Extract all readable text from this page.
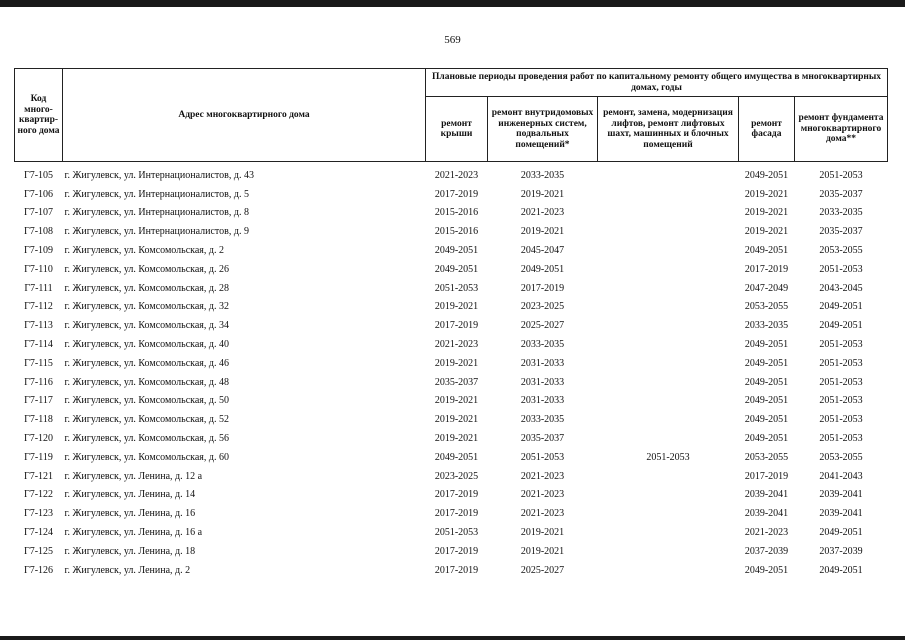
569
Код много-квартир-ного дома	Адрес многоквартирного дома	Плановые периоды проведения работ по капитальному ремонту общего имущества в многоквартирных домах, годы				
		ремонт крыши	ремонт внутридомовых инженерных систем, подвальных помещений*	ремонт, замена, модернизация лифтов, ремонт лифтовых шахт, машинных и блочных помещений	ремонт фасада	ремонт фундамента многоквартирного дома**
Г7-105	г. Жигулевск, ул. Интернационалистов, д. 43	2021-2023	2033-2035		2049-2051	2051-2053
Г7-106	г. Жигулевск, ул. Интернационалистов, д. 5	2017-2019	2019-2021		2019-2021	2035-2037
Г7-107	г. Жигулевск, ул. Интернационалистов, д. 8	2015-2016	2021-2023		2019-2021	2033-2035
Г7-108	г. Жигулевск, ул. Интернационалистов, д. 9	2015-2016	2019-2021		2019-2021	2035-2037
Г7-109	г. Жигулевск, ул. Комсомольская, д. 2	2049-2051	2045-2047		2049-2051	2053-2055
Г7-110	г. Жигулевск, ул. Комсомольская, д. 26	2049-2051	2049-2051		2017-2019	2051-2053
Г7-111	г. Жигулевск, ул. Комсомольская, д. 28	2051-2053	2017-2019		2047-2049	2043-2045
Г7-112	г. Жигулевск, ул. Комсомольская, д. 32	2019-2021	2023-2025		2053-2055	2049-2051
Г7-113	г. Жигулевск, ул. Комсомольская, д. 34	2017-2019	2025-2027		2033-2035	2049-2051
Г7-114	г. Жигулевск, ул. Комсомольская, д. 40	2021-2023	2033-2035		2049-2051	2051-2053
Г7-115	г. Жигулевск, ул. Комсомольская, д. 46	2019-2021	2031-2033		2049-2051	2051-2053
Г7-116	г. Жигулевск, ул. Комсомольская, д. 48	2035-2037	2031-2033		2049-2051	2051-2053
Г7-117	г. Жигулевск, ул. Комсомольская, д. 50	2019-2021	2031-2033		2049-2051	2051-2053
Г7-118	г. Жигулевск, ул. Комсомольская, д. 52	2019-2021	2033-2035		2049-2051	2051-2053
Г7-120	г. Жигулевск, ул. Комсомольская, д. 56	2019-2021	2035-2037		2049-2051	2051-2053
Г7-119	г. Жигулевск, ул. Комсомольская, д. 60	2049-2051	2051-2053	2051-2053	2053-2055	2053-2055
Г7-121	г. Жигулевск, ул. Ленина, д. 12 а	2023-2025	2021-2023		2017-2019	2041-2043
Г7-122	г. Жигулевск, ул. Ленина, д. 14	2017-2019	2021-2023		2039-2041	2039-2041
Г7-123	г. Жигулевск, ул. Ленина, д. 16	2017-2019	2021-2023		2039-2041	2039-2041
Г7-124	г. Жигулевск, ул. Ленина, д. 16 а	2051-2053	2019-2021		2021-2023	2049-2051
Г7-125	г. Жигулевск, ул. Ленина, д. 18	2017-2019	2019-2021		2037-2039	2037-2039
Г7-126	г. Жигулевск, ул. Ленина, д. 2	2017-2019	2025-2027		2049-2051	2049-2051
